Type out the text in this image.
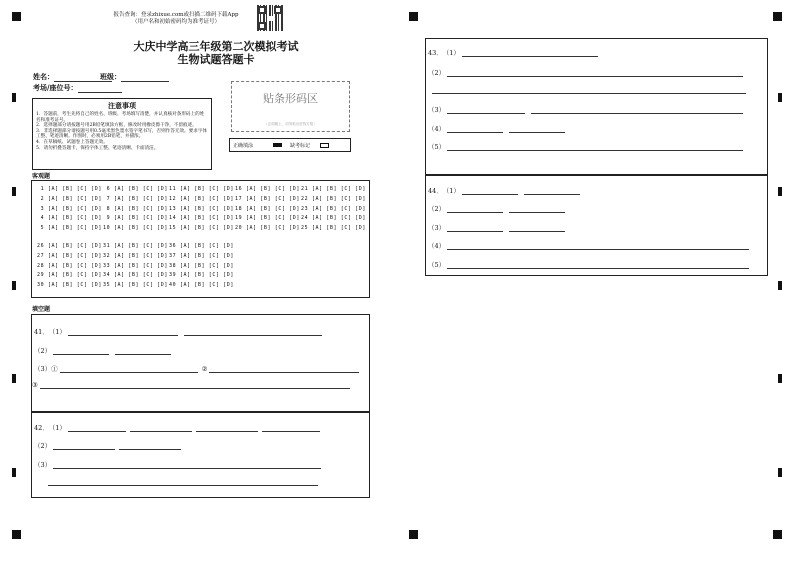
报告查询：登录zhixue.com或扫描二维码下载App
（用户名和初始密码均为准考证号）
大庆中学高三年级第二次模拟考试
生物试题答题卡
姓名：	班级：
考场/座位号：
注意事项
1．答题前，考生先将自己的姓名、班级、考场填写清楚，并认真核对条形码上的姓名和准考证号。
2．选择题部分请按题号用2B铅笔填涂方框，修改时用橡皮擦干净，不留痕迹。
3．非选择题部分请按题号用0.5毫米黑色墨水签字笔书写，否则作答无效。要求字体工整、笔迹清晰。作图时，必须用2B铅笔，并描浓。
4．在草稿纸、试题卷上答题无效。
5．请勿折叠答题卡，保持字体工整、笔迹清晰、卡面清洁。
贴条形码区
（正面朝上，切勿贴出虚线方框）
正确填涂	缺考标记
客观题
1 [A] [B] [C] [D] 6 [A] [B] [C] [D] 11 [A] [B] [C] [D] 16 [A] [B] [C] [D] 21 [A] [B] [C] [D]
2 [A] [B] [C] [D] 7 [A] [B] [C] [D] 12 [A] [B] [C] [D] 17 [A] [B] [C] [D] 22 [A] [B] [C] [D]
3 [A] [B] [C] [D] 8 [A] [B] [C] [D] 13 [A] [B] [C] [D] 18 [A] [B] [C] [D] 23 [A] [B] [C] [D]
4 [A] [B] [C] [D] 9 [A] [B] [C] [D] 14 [A] [B] [C] [D] 19 [A] [B] [C] [D] 24 [A] [B] [C] [D]
5 [A] [B] [C] [D] 10 [A] [B] [C] [D] 15 [A] [B] [C] [D] 20 [A] [B] [C] [D] 25 [A] [B] [C] [D]
26 [A] [B] [C] [D] 31 [A] [B] [C] [D] 36 [A] [B] [C] [D]
27 [A] [B] [C] [D] 32 [A] [B] [C] [D] 37 [A] [B] [C] [D]
28 [A] [B] [C] [D] 33 [A] [B] [C] [D] 38 [A] [B] [C] [D]
29 [A] [B] [C] [D] 34 [A] [B] [C] [D] 39 [A] [B] [C] [D]
30 [A] [B] [C] [D] 35 [A] [B] [C] [D] 40 [A] [B] [C] [D]
填空题
41． （1）
（2）
（3）①	②
③
42． （1）
（2）
（3）
43． （1）
（2）
（3）
（4）
（5）
44． （1）
（2）
（3）
（4）
（5）
